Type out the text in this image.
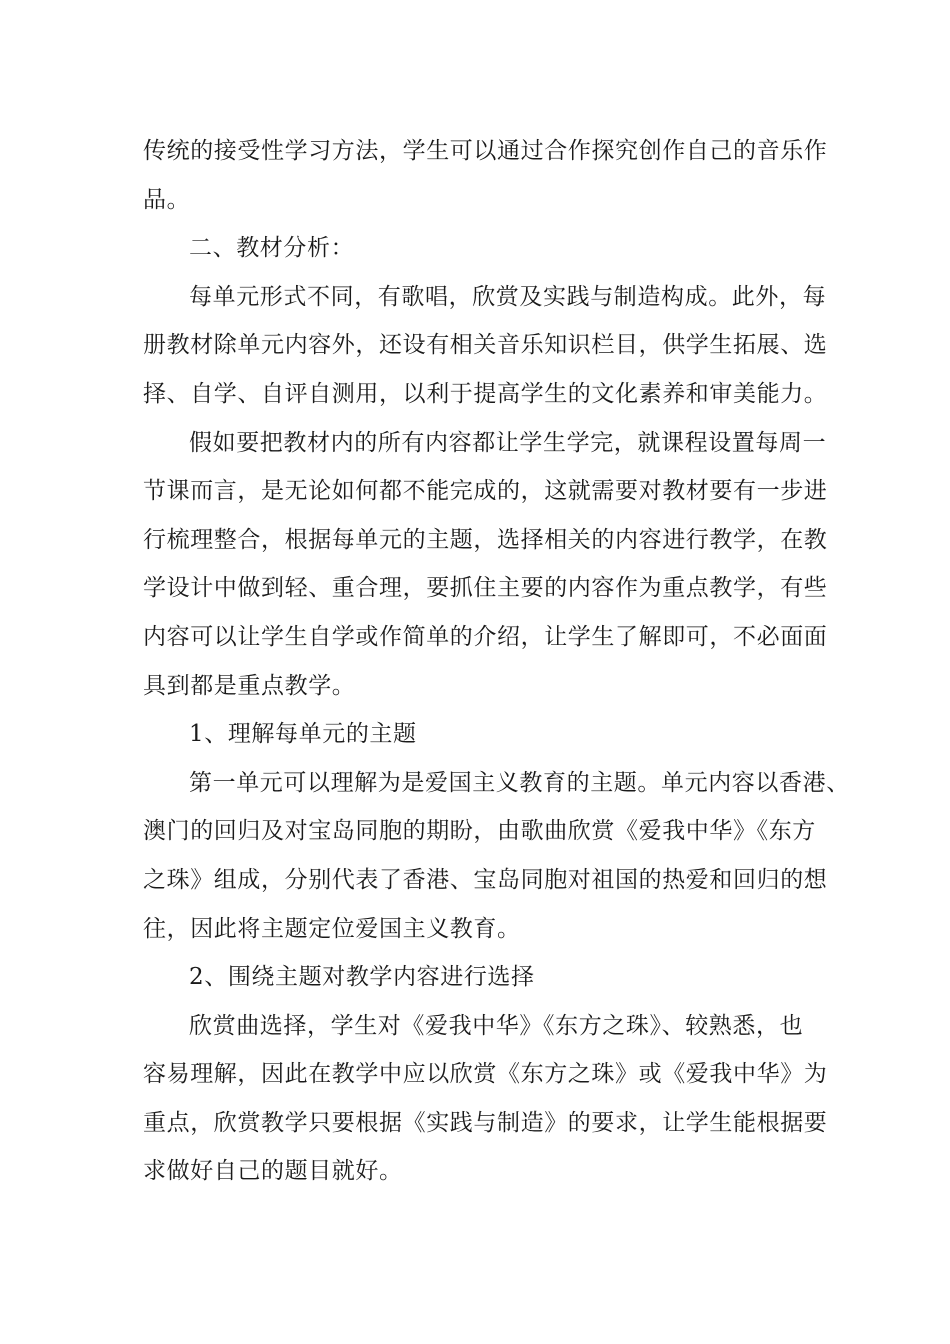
传统的接受性学习方法，学生可以通过合作探究创作自己的音乐作
品。
二、教材分析：
每单元形式不同，有歌唱，欣赏及实践与制造构成。此外，每
册教材除单元内容外，还设有相关音乐知识栏目，供学生拓展、选
择、自学、自评自测用，以利于提高学生的文化素养和审美能力。
假如要把教材内的所有内容都让学生学完，就课程设置每周一
节课而言，是无论如何都不能完成的，这就需要对教材要有一步进
行梳理整合，根据每单元的主题，选择相关的内容进行教学，在教
学设计中做到轻、重合理，要抓住主要的内容作为重点教学，有些
内容可以让学生自学或作简单的介绍，让学生了解即可，不必面面
具到都是重点教学。
1、理解每单元的主题
第一单元可以理解为是爱国主义教育的主题。单元内容以香港、
澳门的回归及对宝岛同胞的期盼，由歌曲欣赏《爱我中华》《东方
之珠》组成，分别代表了香港、宝岛同胞对祖国的热爱和回归的想
往，因此将主题定位爱国主义教育。
2、围绕主题对教学内容进行选择
欣赏曲选择，学生对《爱我中华》《东方之珠》、较熟悉，也
容易理解，因此在教学中应以欣赏《东方之珠》或《爱我中华》为
重点，欣赏教学只要根据《实践与制造》的要求，让学生能根据要
求做好自己的题目就好。
